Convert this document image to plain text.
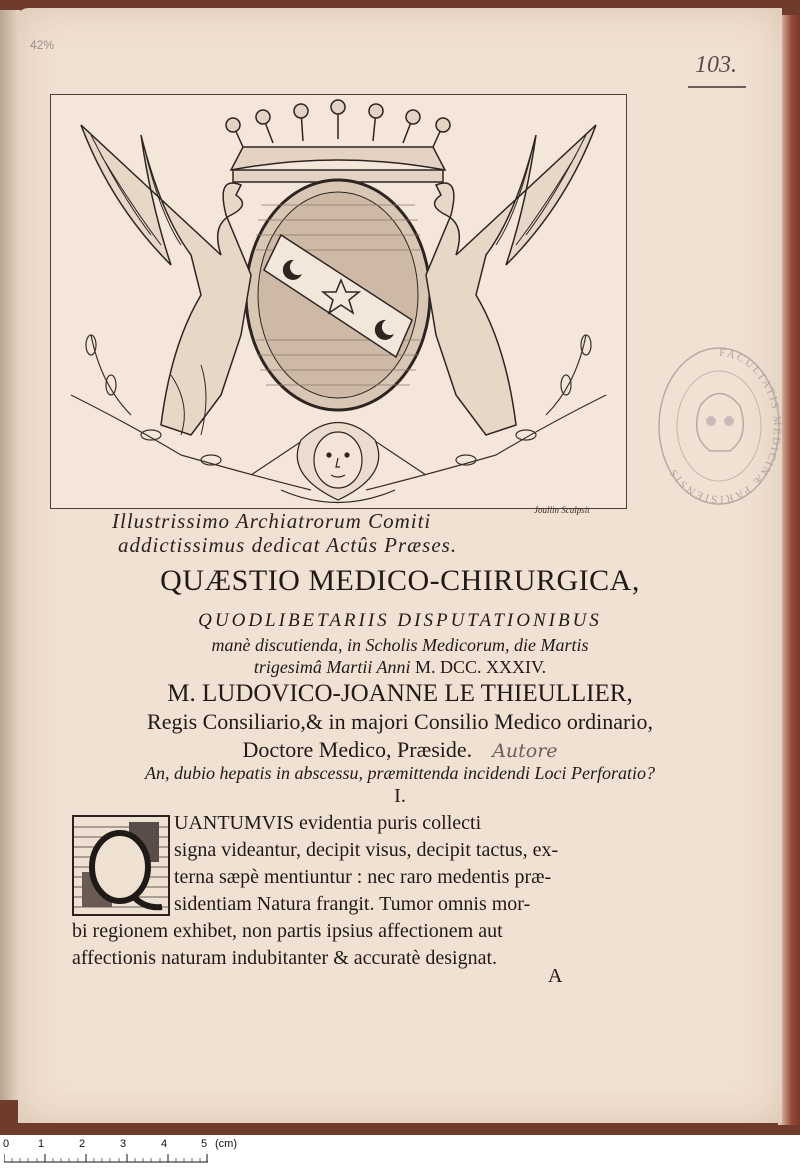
42%
103.
Joullin Sculpsit
FACULTATIS MEDICINÆ PARISIENSIS
Illustrissimo Archiatrorum Comiti
addictissimus dedicat Actûs Præses.
QUÆSTIO MEDICO-CHIRURGICA,
QUODLIBETARIIS DISPUTATIONIBUS
manè discutienda, in Scholis Medicorum, die Martis
trigesimâ Martii Anni M. DCC. XXXIV.
M. LUDOVICO-JOANNE LE THIEULLIER,
Regis Consiliario,& in majori Consilio Medico ordinario,
Doctore Medico, Præside. Autore
An, dubio hepatis in abscessu, præmittenda incidendi Loci Perforatio?
I.
UANTUMVIS evidentia puris collecti
signa videantur, decipit visus, decipit tactus, ex-
terna sæpè mentiuntur : nec raro medentis præ-
sidentiam Natura frangit. Tumor omnis mor-
bi regionem exhibet, non partis ipsius affectionem aut
affectionis naturam indubitanter & accuratè designat.
A
0	1	2	3	4	5 (cm)
